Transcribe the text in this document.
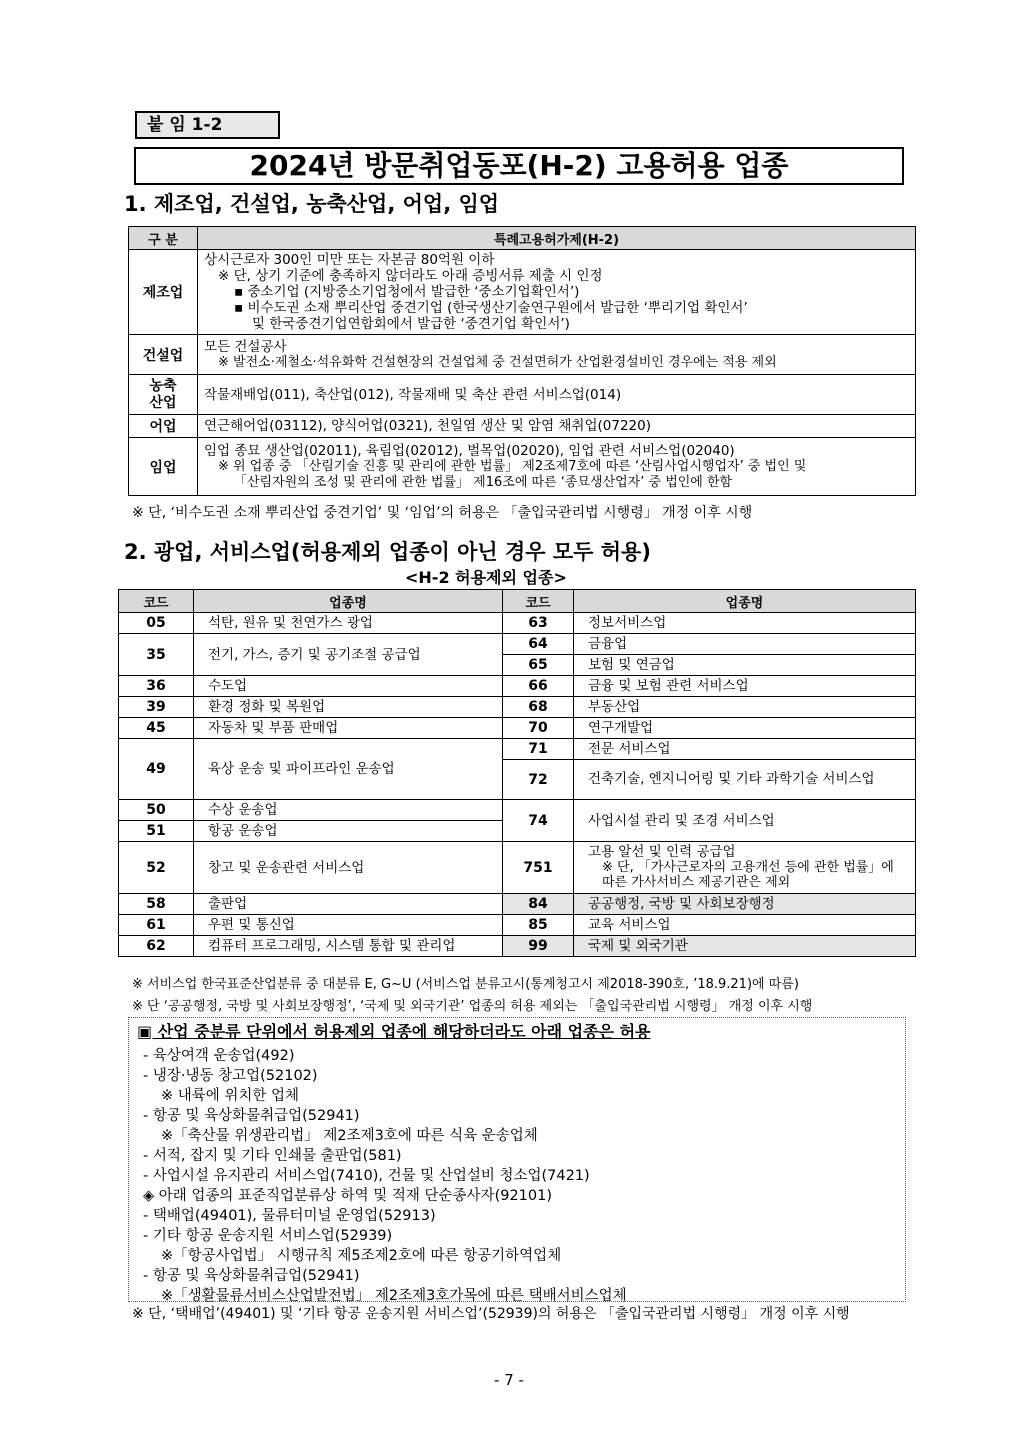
붙 임 1-2
2024년 방문취업동포(H-2) 고용허용 업종
1. 제조업, 건설업, 농축산업, 어업, 임업
구 분	특례고용허가제(H-2)
제조업	상시근로자 300인 미만 또는 자본금 80억원 이하
※ 단, 상기 기준에 충족하지 않더라도 아래 증빙서류 제출 시 인정
▪ 중소기업 (지방중소기업청에서 발급한 ‘중소기업확인서’)
▪ 비수도권 소재 뿌리산업 중견기업 (한국생산기술연구원에서 발급한 ‘뿌리기업 확인서’
및 한국중견기업연합회에서 발급한 ‘중견기업 확인서’)

건설업	모든 건설공사
※ 발전소·제철소·석유화학 건설현장의 건설업체 중 건설면허가 산업환경설비인 경우에는 적용 제외

농축
산업	작물재배업(011), 축산업(012), 작물재배 및 축산 관련 서비스업(014)

어업	연근해어업(03112), 양식어업(0321), 천일염 생산 및 암염 채취업(07220)

임업	임업 종묘 생산업(02011), 육림업(02012), 벌목업(02020), 임업 관련 서비스업(02040)
※ 위 업종 중 「산림기술 진흥 및 관리에 관한 법률」 제2조제7호에 따른 ‘산림사업시행업자’ 중 법인 및
「산림자원의 조성 및 관리에 관한 법률」 제16조에 따른 ‘종묘생산업자’ 중 법인에 한함
※ 단, ‘비수도권 소재 뿌리산업 중견기업’ 및 ‘임업’의 허용은 「출입국관리법 시행령」 개정 이후 시행
2. 광업, 서비스업(허용제외 업종이 아닌 경우 모두 허용)
<H-2 허용제외 업종>
코드	업종명	코드	업종명
05	석탄, 원유 및 천연가스 광업	63	정보서비스업
35	전기, 가스, 증기 및 공기조절 공급업	64	금융업
		65	보험 및 연금업
36	수도업	66	금융 및 보험 관련 서비스업
39	환경 정화 및 복원업	68	부동산업
45	자동차 및 부품 판매업	70	연구개발업
49	육상 운송 및 파이프라인 운송업	71	전문 서비스업
		72	건축기술, 엔지니어링 및 기타 과학기술 서비스업
50	수상 운송업	74	사업시설 관리 및 조경 서비스업
51	항공 운송업		
52	창고 및 운송관련 서비스업	751	고용 알선 및 인력 공급업
※ 단, 「가사근로자의 고용개선 등에 관한 법률」에 따른 가사서비스 제공기관은 제외

58	출판업	84	공공행정, 국방 및 사회보장행정
61	우편 및 통신업	85	교육 서비스업
62	컴퓨터 프로그래밍, 시스템 통합 및 관리업	99	국제 및 외국기관
※ 서비스업 한국표준산업분류 중 대분류 E, G~U (서비스업 분류고시(통계청고시 제2018-390호, ’18.9.21)에 따름)
※ 단 ‘공공행정, 국방 및 사회보장행정’, ‘국제 및 외국기관’ 업종의 허용 제외는 「출입국관리법 시행령」 개정 이후 시행
▣ 산업 중분류 단위에서 허용제외 업종에 해당하더라도 아래 업종은 허용
- 육상여객 운송업(492)
- 냉장·냉동 창고업(52102)
※ 내륙에 위치한 업체
- 항공 및 육상화물취급업(52941)
※「축산물 위생관리법」 제2조제3호에 따른 식육 운송업체
- 서적, 잡지 및 기타 인쇄물 출판업(581)
- 사업시설 유지관리 서비스업(7410), 건물 및 산업설비 청소업(7421)
◈ 아래 업종의 표준직업분류상 하역 및 적재 단순종사자(92101)
- 택배업(49401), 물류터미널 운영업(52913)
- 기타 항공 운송지원 서비스업(52939)
※「항공사업법」 시행규칙 제5조제2호에 따른 항공기하역업체
- 항공 및 육상화물취급업(52941)
※「생활물류서비스산업발전법」 제2조제3호가목에 따른 택배서비스업체
※ 단, ‘택배업’(49401) 및 ‘기타 항공 운송지원 서비스업’(52939)의 허용은 「출입국관리법 시행령」 개정 이후 시행
- 7 -
